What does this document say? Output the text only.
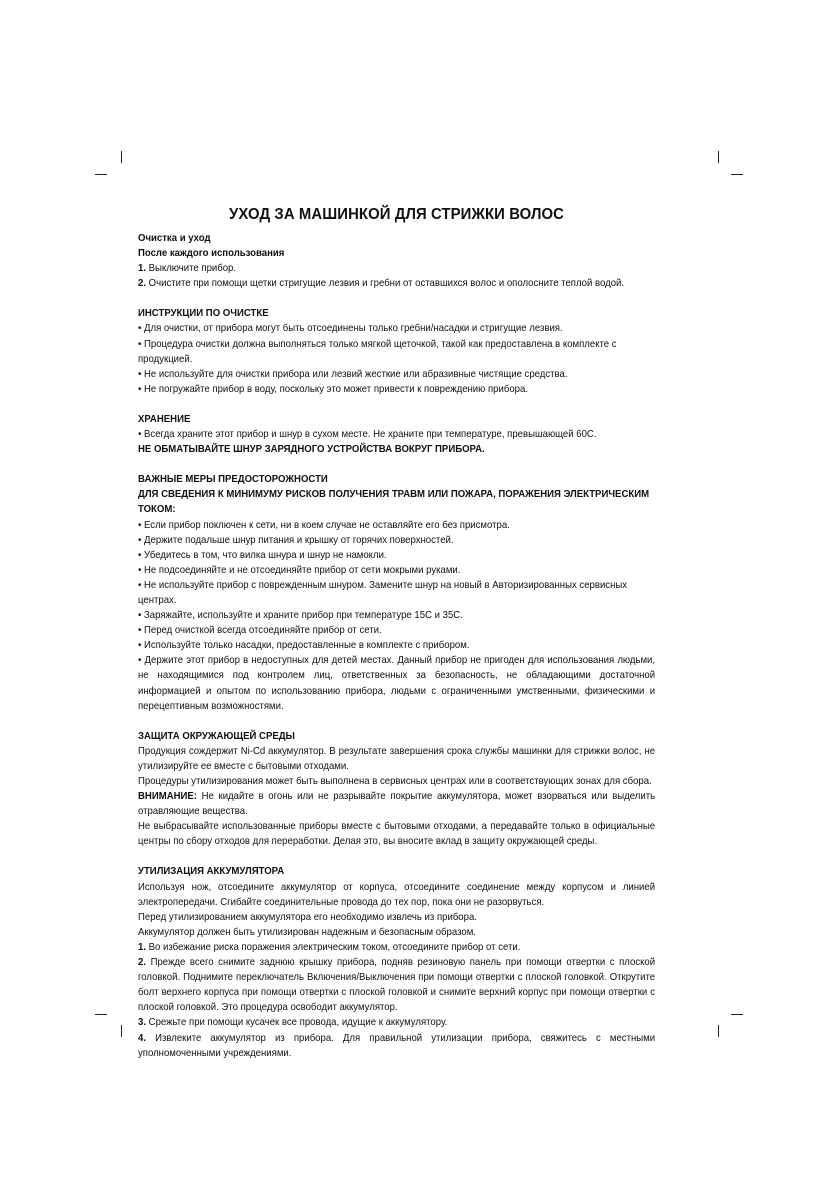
УХОД ЗА МАШИНКОЙ ДЛЯ СТРИЖКИ ВОЛОС

Очистка и уход

После каждого использования

1. Выключите прибор.

2. Очистите при помощи щетки стригущие лезвия и гребни от оставшихся волос и ополосните теплой водой.

ИНСТРУКЦИИ ПО ОЧИСТКЕ

• Для очистки, от прибора могут быть отсоединены только гребни/насадки и стригущие лезвия.

• Процедура очистки должна выполняться только мягкой щеточкой, такой как предоставлена в комплекте с продукцией.

• Не используйте для очистки прибора или лезвий жесткие или абразивные чистящие средства.

• Не погружайте прибор в воду, поскольку это может привести к повреждению прибора.

ХРАНЕНИЕ

• Всегда храните этот прибор и шнур в сухом месте. Не храните при температуре, превышающей 60С.

НЕ ОБМАТЫВАЙТЕ ШНУР ЗАРЯДНОГО УСТРОЙСТВА ВОКРУГ ПРИБОРА.

ВАЖНЫЕ МЕРЫ ПРЕДОСТОРОЖНОСТИ

ДЛЯ СВЕДЕНИЯ К МИНИМУМУ РИСКОВ ПОЛУЧЕНИЯ ТРАВМ ИЛИ ПОЖАРА, ПОРАЖЕНИЯ ЭЛЕКТРИЧЕСКИМ ТОКОМ:

• Если прибор поключен к сети, ни в коем случае не оставляйте его без присмотра.

• Держите подальше шнур питания и крышку от горячих поверхностей.

• Убедитесь в том, что вилка шнура и шнур не намокли.

• Не подсоединяйте и не отсоединяйте прибор от сети мокрыми руками.

• Не используйте прибор с поврежденным шнуром. Замените шнур на новый в Авторизированных сервисных центрах.

• Заряжайте, используйте и храните прибор при температуре 15С и 35С.

• Перед очисткой всегда отсоединяйте прибор от сети.

• Используйте только насадки, предоставленные в комплекте с прибором.

• Держите этот прибор в недоступных для детей местах. Данный прибор не пригоден для использования людьми, не находящимися под контролем лиц, ответственных за безопасность, не обладающими достаточной информацией и опытом по использованию прибора, людьми с ограниченными умственными, физическими и перецептивным возможностями.

ЗАЩИТА ОКРУЖАЮЩЕЙ СРЕДЫ

Продукция сождержит Ni-Cd аккумулятор. В результате завершения срока службы машинки для стрижки волос, не утилизируйте ее вместе с бытовыми отходами.

Процедуры утилизирования может быть выполнена в сервисных центрах или в соответствующих зонах для сбора.

ВНИМАНИЕ: Не кидайте в огонь или не разрывайте покрытие аккумулятора, может взорваться или выделить отравляющие вещества.

Не выбрасывайте использованные приборы вместе с бытовыми отходами, а передавайте только в официальные центры по сбору отходов для переработки. Делая это, вы вносите вклад в защиту окружающей среды.

УТИЛИЗАЦИЯ АККУМУЛЯТОРА

Используя нож, отсоедините аккумулятор от корпуса, отсоедините соединение между корпусом и линией электропередачи. Сгибайте соединительные провода до тех пор, пока они не разорвуться.

Перед утилизированием аккумулятора его необходимо извлечь из прибора.

Аккумулятор должен быть утилизирован надежным и безопасным образом.

1. Во избежание риска поражения электрическим током, отсоедините прибор от сети.

2. Прежде всего снимите заднюю крышку прибора, подняв резиновую панель при помощи отвертки с плоской головкой. Поднимите переключатель Включения/Выключения при помощи отвертки с плоской головкой. Открутите болт верхнего корпуса при помощи отвертки с плоской головкой и снимите верхний корпус при помощи отвертки с плоской головкой. Это процедура освободит аккумулятор.

3. Срежьте при помощи кусачек все провода, идущие к аккумулятору.

4. Извлеките аккумулятор из прибора. Для правильной утилизации прибора, свяжитесь с местными уполномоченными учреждениями.
